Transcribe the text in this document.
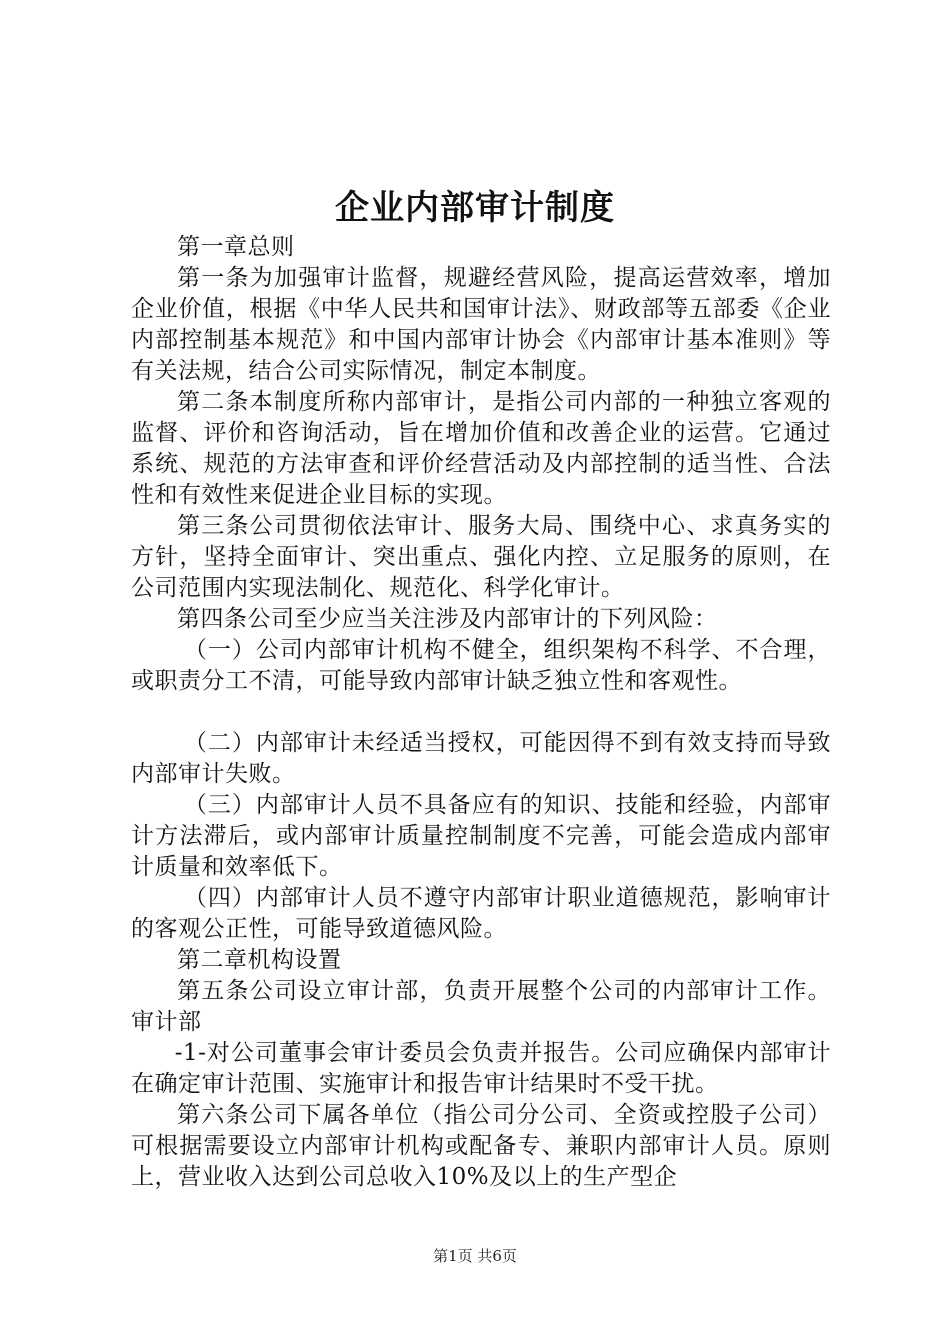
企业内部审计制度

第一章总则

第一条为加强审计监督，规避经营风险，提高运营效率，增加企业价值，根据《中华人民共和国审计法》、财政部等五部委《企业内部控制基本规范》和中国内部审计协会《内部审计基本准则》等有关法规，结合公司实际情况，制定本制度。

第二条本制度所称内部审计，是指公司内部的一种独立客观的监督、评价和咨询活动，旨在增加价值和改善企业的运营。它通过系统、规范的方法审查和评价经营活动及内部控制的适当性、合法性和有效性来促进企业目标的实现。

第三条公司贯彻依法审计、服务大局、围绕中心、求真务实的方针，坚持全面审计、突出重点、强化内控、立足服务的原则，在公司范围内实现法制化、规范化、科学化审计。

第四条公司至少应当关注涉及内部审计的下列风险：

（一）公司内部审计机构不健全，组织架构不科学、不合理，或职责分工不清，可能导致内部审计缺乏独立性和客观性。

（二）内部审计未经适当授权，可能因得不到有效支持而导致内部审计失败。

（三）内部审计人员不具备应有的知识、技能和经验，内部审计方法滞后，或内部审计质量控制制度不完善，可能会造成内部审计质量和效率低下。

（四）内部审计人员不遵守内部审计职业道德规范，影响审计的客观公正性，可能导致道德风险。

第二章机构设置

第五条公司设立审计部，负责开展整个公司的内部审计工作。审计部

-1-对公司董事会审计委员会负责并报告。公司应确保内部审计在确定审计范围、实施审计和报告审计结果时不受干扰。

第六条公司下属各单位（指公司分公司、全资或控股子公司）可根据需要设立内部审计机构或配备专、兼职内部审计人员。原则上，营业收入达到公司总收入10%及以上的生产型企

第1页 共6页
